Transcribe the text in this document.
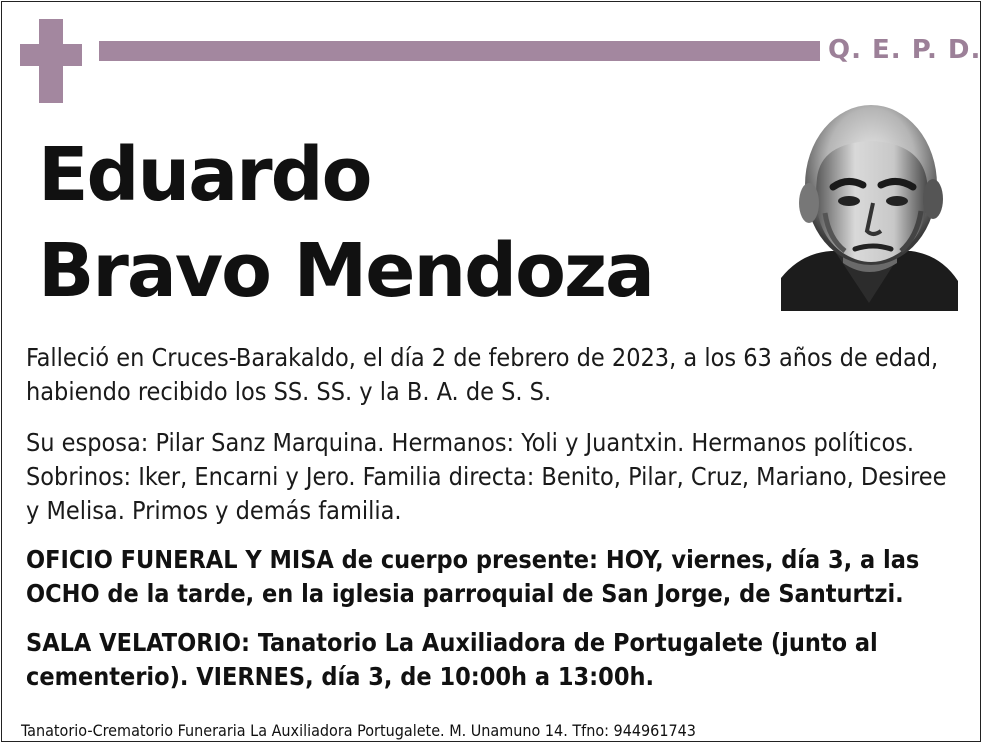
Q. E. P. D.
Eduardo
Bravo Mendoza
Falleció en Cruces-Barakaldo, el día 2 de febrero de 2023, a los 63 años de edad, habiendo recibido los SS. SS. y la B. A. de S. S.
Su esposa: Pilar Sanz Marquina. Hermanos: Yoli y Juantxin. Hermanos políticos. Sobrinos: Iker, Encarni y Jero. Familia directa: Benito, Pilar, Cruz, Mariano, Desiree y Melisa. Primos y demás familia.
OFICIO FUNERAL Y MISA de cuerpo presente: HOY, viernes, día 3, a las OCHO de la tarde, en la iglesia parroquial de San Jorge, de Santurtzi.
SALA VELATORIO: Tanatorio La Auxiliadora de Portugalete (junto al cementerio). VIERNES, día 3, de 10:00h a 13:00h.
Tanatorio-Crematorio Funeraria La Auxiliadora Portugalete. M. Unamuno 14. Tfno: 944961743
